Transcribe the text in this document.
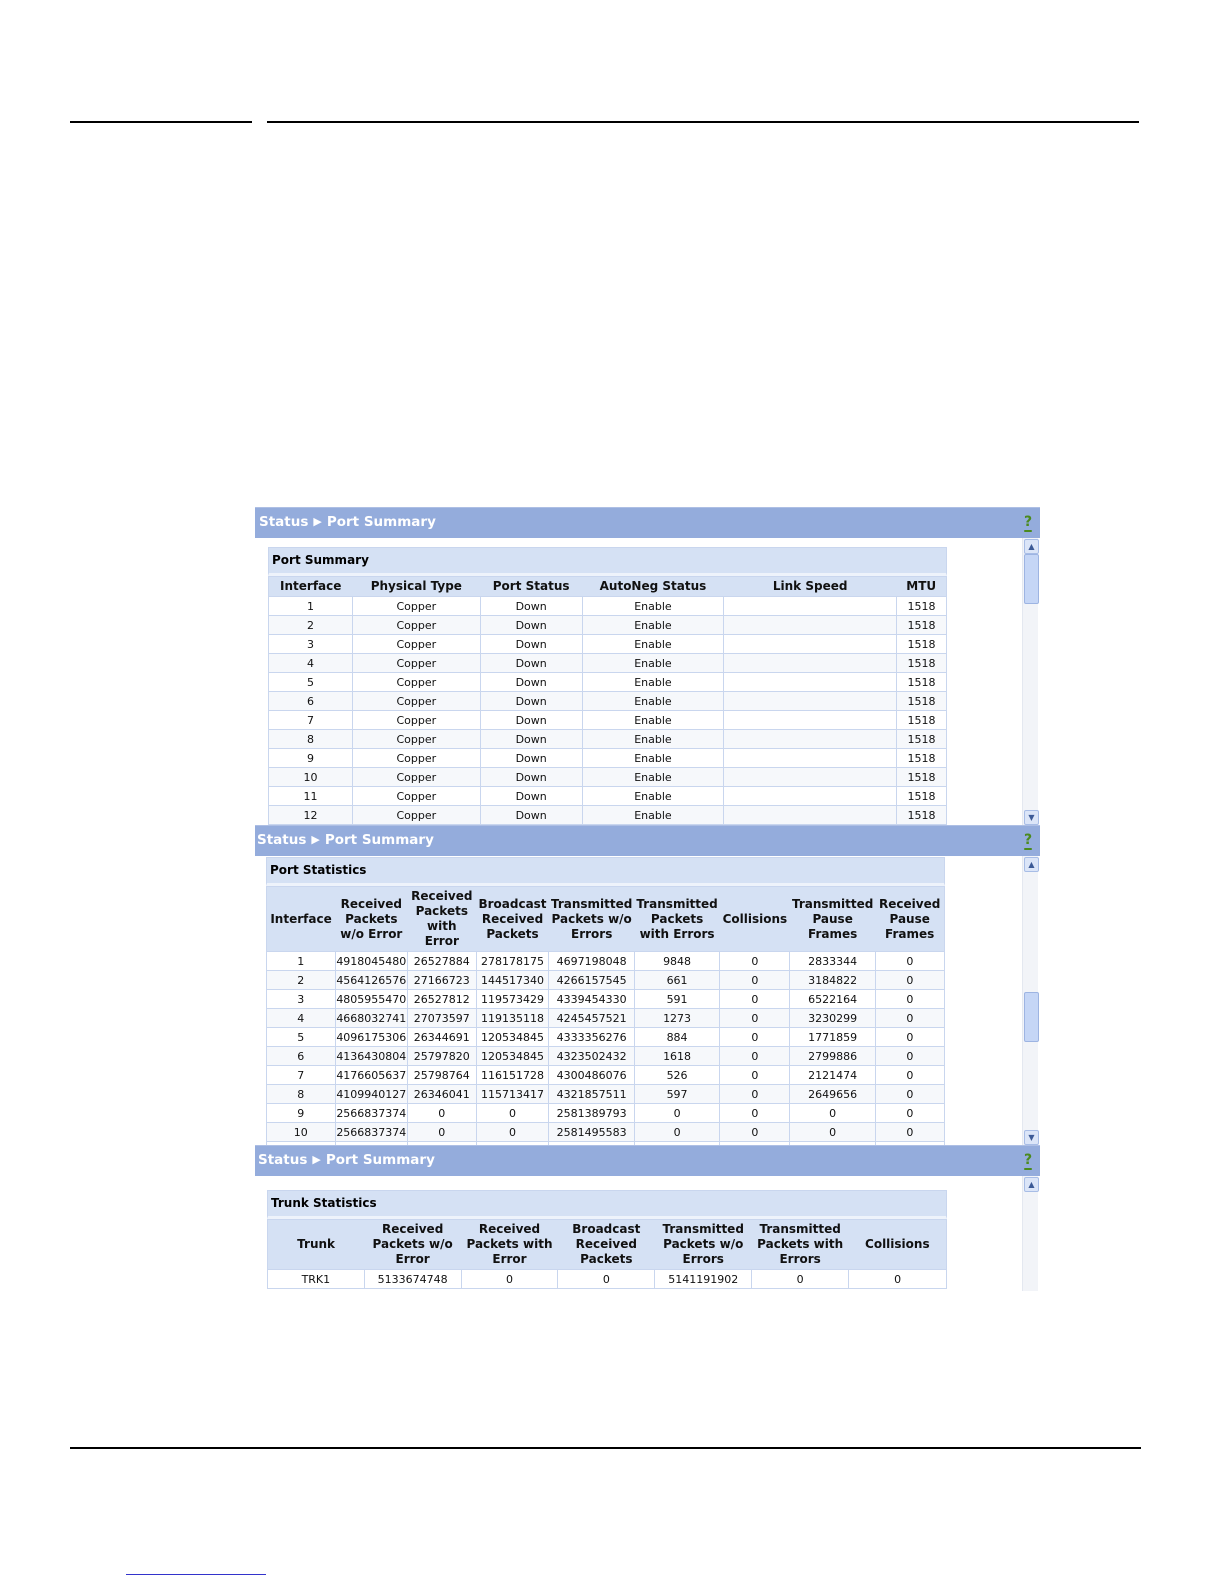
Status ▶ Port Summary	?
▲
▼
Port Summary
Interface	Physical Type	Port Status	AutoNeg Status	Link Speed	MTU
1	Copper	Down	Enable		1518
2	Copper	Down	Enable		1518
3	Copper	Down	Enable		1518
4	Copper	Down	Enable		1518
5	Copper	Down	Enable		1518
6	Copper	Down	Enable		1518
7	Copper	Down	Enable		1518
8	Copper	Down	Enable		1518
9	Copper	Down	Enable		1518
10	Copper	Down	Enable		1518
11	Copper	Down	Enable		1518
12	Copper	Down	Enable		1518
Status ▶ Port Summary	?
▲
▼
Port Statistics
Interface	Received Packets w/o Error	Received Packets with Error	Broadcast Received Packets	Transmitted Packets w/o Errors	Transmitted Packets with Errors	Collisions	Transmitted Pause Frames	Received Pause Frames
1	4918045480	26527884	278178175	4697198048	9848	0	2833344	0
2	4564126576	27166723	144517340	4266157545	661	0	3184822	0
3	4805955470	26527812	119573429	4339454330	591	0	6522164	0
4	4668032741	27073597	119135118	4245457521	1273	0	3230299	0
5	4096175306	26344691	120534845	4333356276	884	0	1771859	0
6	4136430804	25797820	120534845	4323502432	1618	0	2799886	0
7	4176605637	25798764	116151728	4300486076	526	0	2121474	0
8	4109940127	26346041	115713417	4321857511	597	0	2649656	0
9	2566837374	0	0	2581389793	0	0	0	0
10	2566837374	0	0	2581495583	0	0	0	0

Status ▶ Port Summary	?
▲
Trunk Statistics
Trunk	Received Packets w/o Error	Received Packets with Error	Broadcast Received Packets	Transmitted Packets w/o Errors	Transmitted Packets with Errors	Collisions
TRK1	5133674748	0	0	5141191902	0	0
